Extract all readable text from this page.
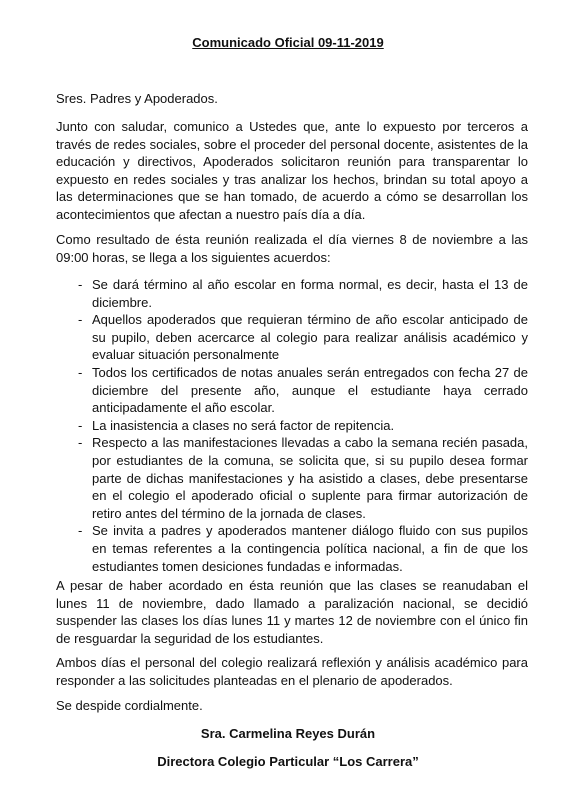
Comunicado Oficial 09-11-2019
Sres. Padres y Apoderados.
Junto con saludar, comunico a Ustedes que, ante lo expuesto por terceros a través de redes sociales, sobre el proceder del personal docente, asistentes de la educación y directivos, Apoderados solicitaron reunión para transparentar lo expuesto en redes sociales y tras analizar los hechos, brindan su total apoyo a las determinaciones que se han tomado, de acuerdo a cómo se desarrollan los acontecimientos que afectan a nuestro país día a día.
Como resultado de ésta reunión realizada el día viernes 8 de noviembre a las 09:00 horas, se llega a los siguientes acuerdos:
- Se dará término al año escolar en forma normal, es decir, hasta el 13 de diciembre.
- Aquellos apoderados que requieran término de año escolar anticipado de su pupilo, deben acercarce al colegio para realizar análisis académico y evaluar situación personalmente
- Todos los certificados de notas anuales serán entregados con fecha 27 de diciembre del presente año, aunque el estudiante haya cerrado anticipadamente el año escolar.
- La inasistencia a clases no será factor de repitencia.
- Respecto a las manifestaciones llevadas a cabo la semana recién pasada, por estudiantes de la comuna, se solicita que, si su pupilo desea formar parte de dichas manifestaciones y ha asistido a clases, debe presentarse en el colegio el apoderado oficial o suplente para firmar autorización de retiro antes del término de la jornada de clases.
- Se invita a padres y apoderados mantener diálogo fluido con sus pupilos en temas referentes a la contingencia política nacional, a fin de que los estudiantes tomen desiciones fundadas e informadas.
A pesar de haber acordado en ésta reunión que las clases se reanudaban el lunes 11 de noviembre, dado llamado a paralización nacional, se decidió suspender las clases los días lunes 11 y martes 12 de noviembre con el único fin de resguardar la seguridad de los estudiantes.
Ambos días el personal del colegio realizará reflexión y análisis académico para responder a las solicitudes planteadas en el plenario de apoderados.
Se despide cordialmente.
Sra. Carmelina Reyes Durán
Directora Colegio Particular “Los Carrera”
